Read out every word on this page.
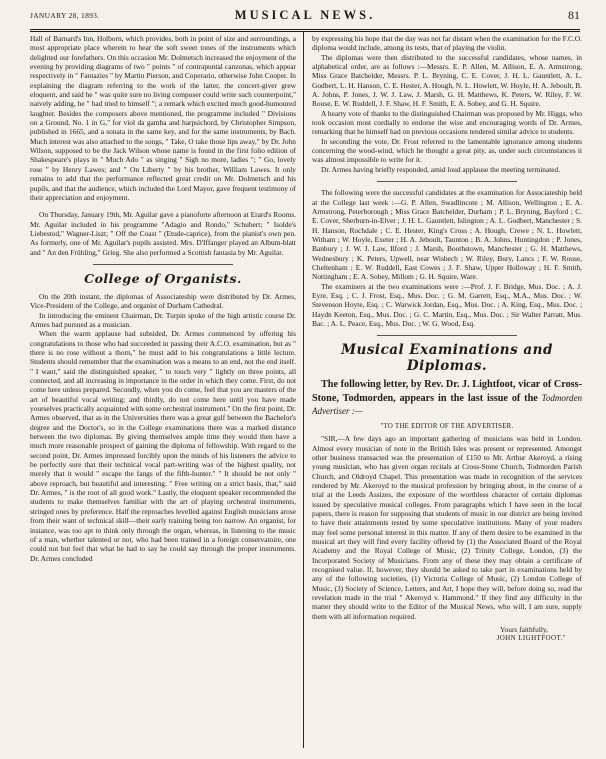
JANUARY 28, 1893.	MUSICAL NEWS.	81

Hall of Barnard's Inn, Holborn, which provides, both in point of size and surroundings, a most appropriate place wherein to hear the soft sweet tones of the instruments which delighted our forefathers. On this occasion Mr. Dolmetsch increased the enjoyment of the evening by providing diagrams of two " points " of contrapuntal canzonas, which appear respectively in " Fantazies " by Martin Pierson, and Coperario, otherwise John Cooper. In explaining the diagram referring to the work of the latter, the concert-giver grew eloquent, and said he " was quite sure no living composer could write such counterpoint," naively adding, he " had tried to himself "; a remark which excited much good-humoured laughter. Besides the composers above mentioned, the programme included " Divisions on a Ground, No. 1 in G," for viol da gamba and harpsichord, by Christopher Simpson, published in 1665, and a sonata in the same key, and for the same instruments, by Bach. Much interest was also attached to the songs, " Take, O take those lips away," by Dr. John Wilson, supposed to be the Jack Wilson whose name is found in the first folio edition of Shakespeare's plays in " Much Ado " as singing " Sigh no more, ladies "; " Go, lovely rose " by Henry Lawes; and " On Liberty " by his brother, William Lawes. It only remains to add that the performance reflected great credit on Mr. Dolmetsch and his pupils, and that the audience, which included the Lord Mayor, gave frequent testimony of their appreciation and enjoyment.

On Thursday, January 19th, Mr. Aguilar gave a pianoforte afternoon at Erard's Rooms. Mr. Aguilar included in his programme "Adagio and Rondo," Schubert; " Isolde's Liebestod," Wagner-Liszt; " Off the Coast " (Etude-caprice), from the pianist's own pen. As formerly, one of Mr. Aguilar's pupils assisted. Mrs. D'Iffanger played an Album-blatt and " An den Frühling," Grieg. She also performed a Scottish fantasia by Mr. Aguilar.

College of Organists.

On the 20th instant, the diplomas of Associateship were distributed by Dr. Armes, Vice-President of the College, and organist of Durham Cathedral.

In introducing the eminent Chairman, Dr. Turpin spoke of the high artistic course Dr. Armes had pursued as a musician.

When the warm applause had subsided, Dr. Armes commenced by offering his congratulations to those who had succeeded in passing their A.C.O. examination, but as " there is no rose without a thorn," he must add to his congratulations a little lecture. Students should remember that the examination was a means to an end, not the end itself. " I want," said the distinguished speaker, " to touch very " lightly on three points, all connected, and all increasing in importance in the order in which they come. First, do not come here unless prepared. Secondly, when you do come, feel that you are masters of the art of beautiful vocal writing; and thirdly, do not come here until you have made yourselves practically acquainted with some orchestral instrument." On the first point, Dr. Armes observed, that as in the Universities there was a great gulf between the Bachelor's degree and the Doctor's, so in the College examinations there was a marked distance between the two diplomas. By giving themselves ample time they would then have a much more reasonable prospect of gaining the diploma of fellowship. With regard to the second point, Dr. Armes impressed forcibly upon the minds of his listeners the advice to be perfectly sure that their technical vocal part-writing was of the highest quality, not merely that it would " escape the fangs of the fifth-hunter." " It should be not only " above reproach, but beautiful and interesting. " Free writing on a strict basis, that," said Dr. Armes, " is the root of all good work." Lastly, the eloquent speaker recommended the students to make themselves familiar with the art of playing orchestral instruments, stringed ones by preference. Half the reproaches levelled against English musicians arose from their want of technical skill—their early training being too narrow. An organist, for instance, was too apt to think only through the organ, whereas, in listening to the music of a man, whether talented or not, who had been trained in a foreign conservatoire, one could not but feel that what he had to say he could say through the proper instruments. Dr. Armes concluded

by expressing his hope that the day was not far distant when the examination for the F.C.O. diploma would include, among its tests, that of playing the violin.

The diplomas were then distributed to the successful candidates, whose names, in alphabetical order, are as follows :—Messrs. E. P. Allen, M. Allison, E. A. Armstrong, Miss Grace Batchelder, Messrs. P. L. Bryning, C. E. Cover, J. H. L. Gauntlett, A. L. Godbert, L. H. Hanson, C. E. Hester, A. Hough, N. L. Howlett, W. Hoyle, H. A. Jeboult, B. A. Johns, P. Jones, J. W. J. Law, J. Marsh, G. H. Matthews, K. Peters, W. Riley, F. W. Rouse, E. W. Ruddell, J. F. Shaw, H. F. Smith, E. A. Sobey, and G. H. Squire.

A hearty vote of thanks to the distinguished Chairman was proposed by Mr. Higgs, who took occasion most cordially to endorse the wise and encouraging words of Dr. Armes, remarking that he himself had on previous occasions tendered similar advice to students.

In seconding the vote, Dr. Frost referred to the lamentable ignorance among students concerning the wood-wind, which he thought a great pity, as, under such circumstances it was almost impossible to write for it.

Dr. Armes having briefly responded, amid loud applause the meeting terminated.

The following were the successful candidates at the examination for Associateship held at the College last week :—G. P. Allen, Swadlincote ; M. Allison, Wellington ; E. A. Armstrong, Peterborough ; Miss Grace Batchelder, Durham ; P. L. Bryning, Bayford ; C. E. Cover, Sherburn-in-Elvet ; J. H. L. Gauntlett, Islington ; A. L. Godbert, Manchester ; S. H. Hanson, Rochdale ; C. E. Hester, King's Cross ; A. Hough, Crewe ; N. L. Howlett, Witham ; W. Hoyle, Exeter ; H. A. Jeboult, Taunton ; B. A. Johns, Huntingdon ; P. Jones, Banbury ; J. W. J. Law, Ilford ; J. Marsh, Boothstown, Manchester ; G. H. Matthews, Wednesbury ; K. Peters, Upwell, near Wisbech ; W. Riley, Bury, Lancs ; F. W. Rouse, Cheltenham ; E. W. Ruddell, East Cowes ; J. F. Shaw, Upper Holloway ; H. F. Smith, Nottingham ; E. A. Sobey, Millom ; G. H. Squire, Ware.

The examiners at the two examinations were :—Prof. J. F. Bridge, Mus. Doc. ; A. J. Eyre, Esq. ; C. J. Frost, Esq., Mus. Doc. ; G. M. Garrett, Esq., M.A., Mus. Doc. ; W. Stevenson Hoyte, Esq. ; C. Warwick Jordan, Esq., Mus. Doc. ; A. King, Esq., Mus. Doc. ; Haydn Keeton, Esq., Mus. Doc. ; G. C. Martin, Esq., Mus. Doc. ; Sir Walter Parratt, Mus. Bac. ; A. L. Peace, Esq., Mus. Doc. ; W. G. Wood, Esq.

Musical Examinations and Diplomas.

The following letter, by Rev. Dr. J. Lightfoot, vicar of Cross-Stone, Todmorden, appears in the last issue of the Todmorden Advertiser :—

"TO THE EDITOR OF THE ADVERTISER.

"SIR,—A few days ago an important gathering of musicians was held in London. Almost every musician of note in the British Isles was present or represented. Amongst other business transacted was the presentation of £150 to Mr. Arthur Akeroyd, a rising young musician, who has given organ recitals at Cross-Stone Church, Todmorden Parish Church, and Oldroyd Chapel. This presentation was made in recognition of the services rendered by Mr. Akeroyd to the musical profession by bringing about, in the course of a trial at the Leeds Assizes, the exposure of the worthless character of certain diplomas issued by speculative musical colleges. From paragraphs which I have seen in the local papers, there is reason for supposing that students of music in our district are being invited to have their attainments tested by some speculative institutions. Many of your readers may feel some personal interest in this matter. If any of them desire to be examined in the musical art they will find every facility offered by (1) the Associated Board of the Royal Academy and the Royal College of Music, (2) Trinity College, London, (3) the Incorporated Society of Musicians. From any of these they may obtain a certificate of recognised value. If, however, they should be asked to take part in examinations held by any of the following societies, (1) Victoria College of Music, (2) London College of Music, (3) Society of Science, Letters, and Art, I hope they will, before doing so, read the revelation made in the trial " Akeroyd v. Hammond." If they find any difficulty in the matter they should write to the Editor of the Musical News, who will, I am sure, supply them with all information required.

Yours faithfully,

JOHN LIGHTFOOT."
